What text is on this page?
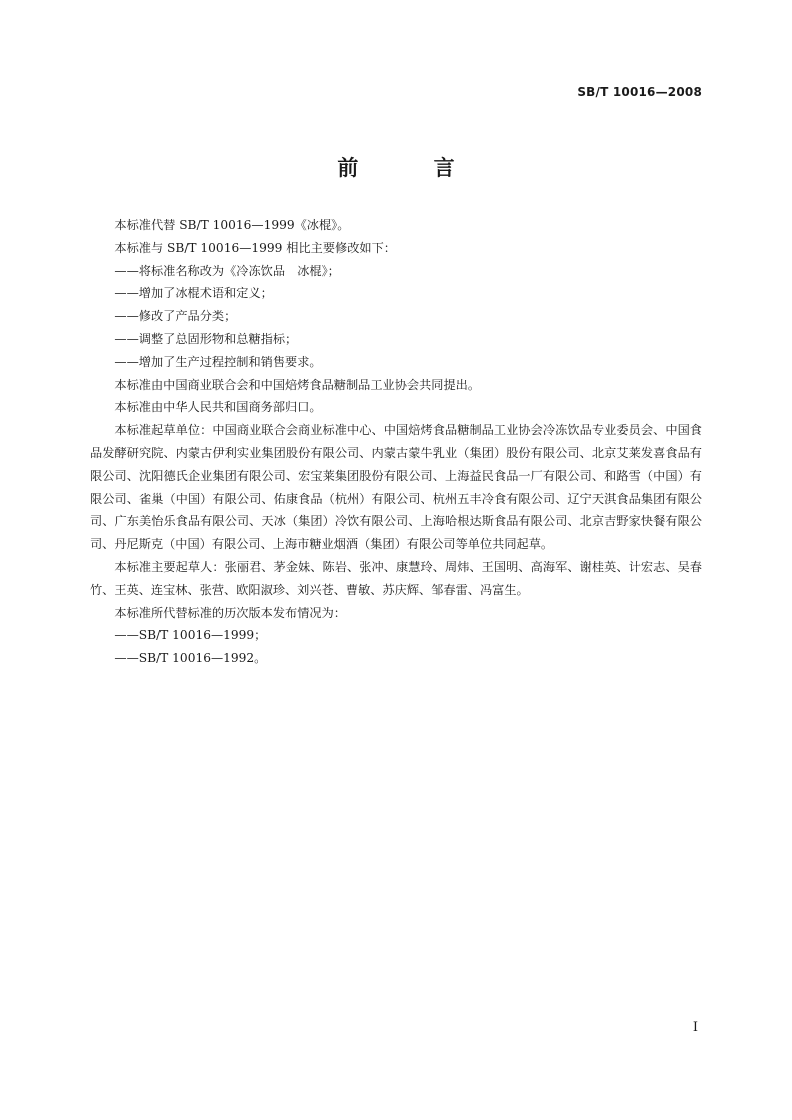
SB/T 10016—2008
前 言

本标准代替 SB/T 10016—1999《冰棍》。

本标准与 SB/T 10016—1999 相比主要修改如下：

——将标准名称改为《冷冻饮品　冰棍》；

——增加了冰棍术语和定义；

——修改了产品分类；

——调整了总固形物和总糖指标；

——增加了生产过程控制和销售要求。

本标准由中国商业联合会和中国焙烤食品糖制品工业协会共同提出。

本标准由中华人民共和国商务部归口。

本标准起草单位：中国商业联合会商业标准中心、中国焙烤食品糖制品工业协会冷冻饮品专业委员会、中国食品发酵研究院、内蒙古伊利实业集团股份有限公司、内蒙古蒙牛乳业（集团）股份有限公司、北京艾莱发喜食品有限公司、沈阳德氏企业集团有限公司、宏宝莱集团股份有限公司、上海益民食品一厂有限公司、和路雪（中国）有限公司、雀巢（中国）有限公司、佑康食品（杭州）有限公司、杭州五丰冷食有限公司、辽宁天淇食品集团有限公司、广东美怡乐食品有限公司、天冰（集团）冷饮有限公司、上海哈根达斯食品有限公司、北京吉野家快餐有限公司、丹尼斯克（中国）有限公司、上海市糖业烟酒（集团）有限公司等单位共同起草。

本标准主要起草人：张丽君、茅金妹、陈岩、张冲、康慧玲、周炜、王国明、高海军、谢桂英、计宏志、吴春竹、王英、连宝林、张营、欧阳淑珍、刘兴苍、曹敏、苏庆辉、邹春雷、冯富生。

本标准所代替标准的历次版本发布情况为：

——SB/T 10016—1999；

——SB/T 10016—1992。

I
